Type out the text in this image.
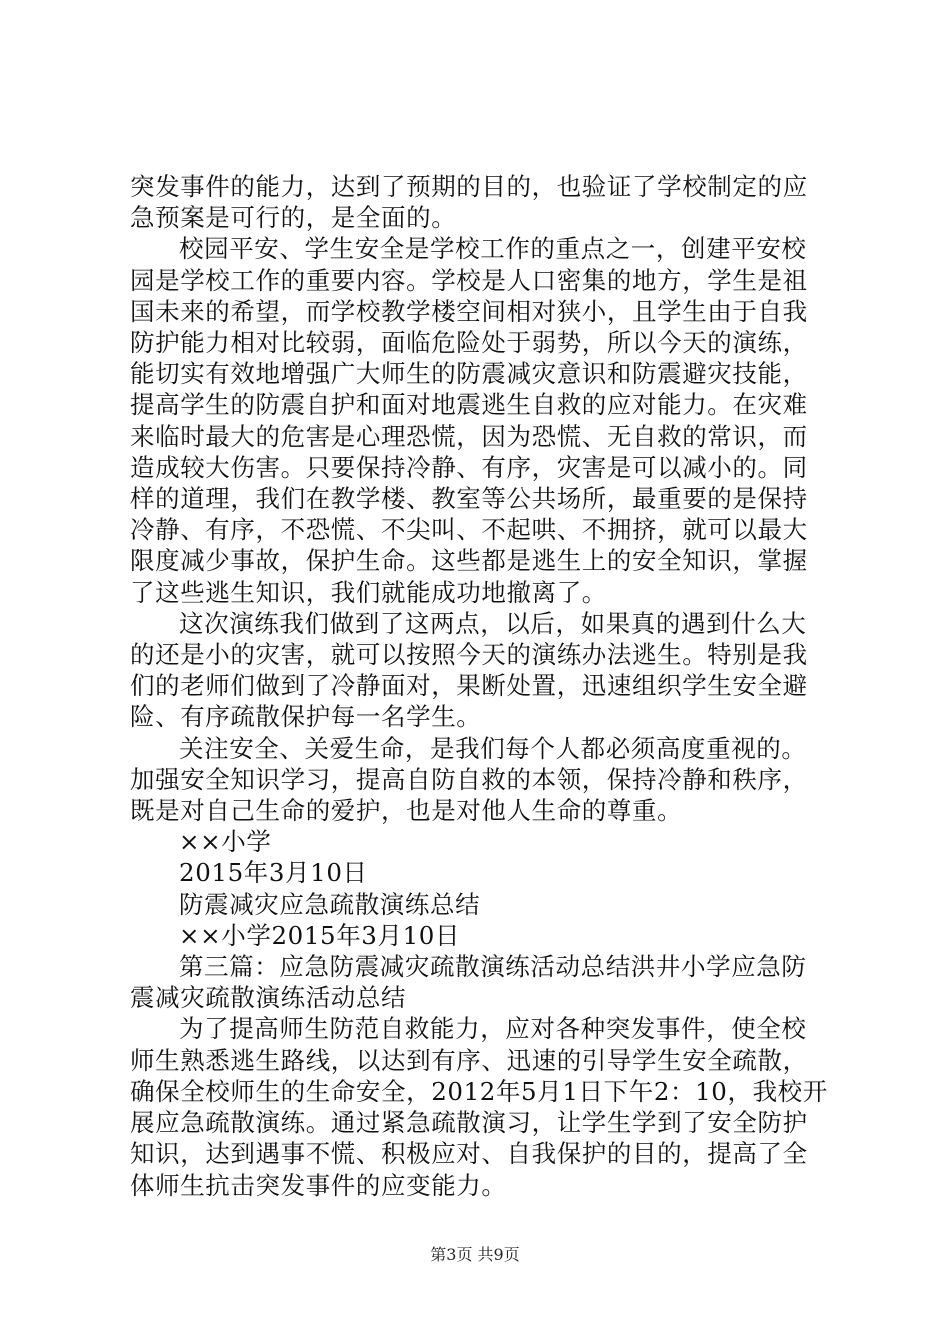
突发事件的能力，达到了预期的目的，也验证了学校制定的应急预案是可行的，是全面的。

校园平安、学生安全是学校工作的重点之一，创建平安校园是学校工作的重要内容。学校是人口密集的地方，学生是祖国未来的希望，而学校教学楼空间相对狭小，且学生由于自我防护能力相对比较弱，面临危险处于弱势，所以今天的演练，能切实有效地增强广大师生的防震减灾意识和防震避灾技能，提高学生的防震自护和面对地震逃生自救的应对能力。在灾难来临时最大的危害是心理恐慌，因为恐慌、无自救的常识，而造成较大伤害。只要保持冷静、有序，灾害是可以减小的。同样的道理，我们在教学楼、教室等公共场所，最重要的是保持冷静、有序，不恐慌、不尖叫、不起哄、不拥挤，就可以最大限度减少事故，保护生命。这些都是逃生上的安全知识，掌握了这些逃生知识，我们就能成功地撤离了。

这次演练我们做到了这两点，以后，如果真的遇到什么大的还是小的灾害，就可以按照今天的演练办法逃生。特别是我们的老师们做到了冷静面对，果断处置，迅速组织学生安全避险、有序疏散保护每一名学生。

关注安全、关爱生命，是我们每个人都必须高度重视的。加强安全知识学习，提高自防自救的本领，保持冷静和秩序，既是对自己生命的爱护，也是对他人生命的尊重。

××小学

2015年3月10日

防震减灾应急疏散演练总结

××小学2015年3月10日

第三篇：应急防震减灾疏散演练活动总结洪井小学应急防震减灾疏散演练活动总结

为了提高师生防范自救能力，应对各种突发事件，使全校师生熟悉逃生路线，以达到有序、迅速的引导学生安全疏散，确保全校师生的生命安全，2012年5月1日下午2：10，我校开展应急疏散演练。通过紧急疏散演习，让学生学到了安全防护知识，达到遇事不慌、积极应对、自我保护的目的，提高了全体师生抗击突发事件的应变能力。

第3页 共9页
